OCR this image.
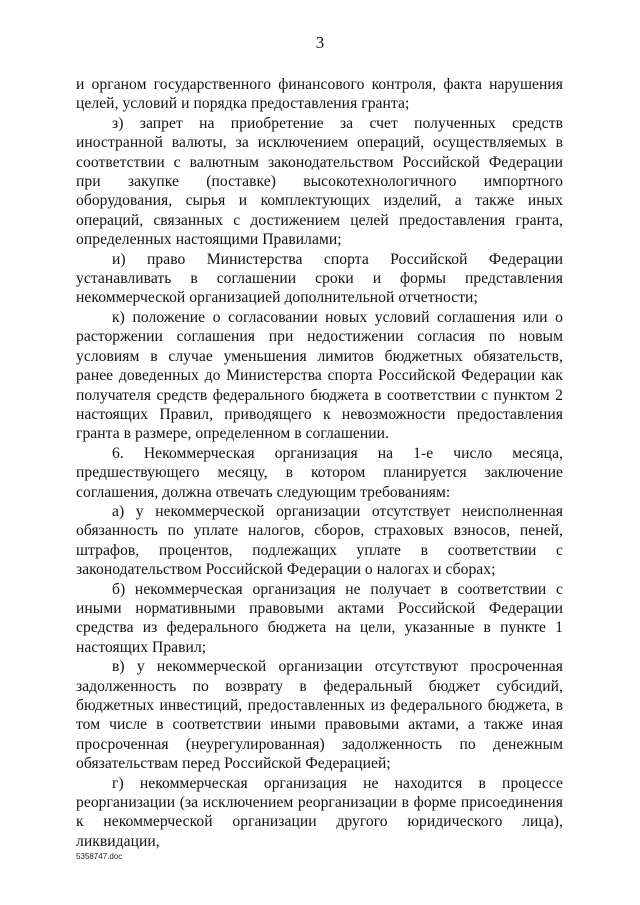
3

и органом государственного финансового контроля, факта нарушения целей, условий и порядка предоставления гранта;

з) запрет на приобретение за счет полученных средств иностранной валюты, за исключением операций, осуществляемых в соответствии с валютным законодательством Российской Федерации при закупке (поставке) высокотехнологичного импортного оборудования, сырья и комплектующих изделий, а также иных операций, связанных с достижением целей предоставления гранта, определенных настоящими Правилами;

и) право Министерства спорта Российской Федерации устанавливать в соглашении сроки и формы представления некоммерческой организацией дополнительной отчетности;

к) положение о согласовании новых условий соглашения или о расторжении соглашения при недостижении согласия по новым условиям в случае уменьшения лимитов бюджетных обязательств, ранее доведенных до Министерства спорта Российской Федерации как получателя средств федерального бюджета в соответствии с пунктом 2 настоящих Правил, приводящего к невозможности предоставления гранта в размере, определенном в соглашении.

6. Некоммерческая организация на 1-е число месяца, предшествующего месяцу, в котором планируется заключение соглашения, должна отвечать следующим требованиям:

а) у некоммерческой организации отсутствует неисполненная обязанность по уплате налогов, сборов, страховых взносов, пеней, штрафов, процентов, подлежащих уплате в соответствии с законодательством Российской Федерации о налогах и сборах;

б) некоммерческая организация не получает в соответствии с иными нормативными правовыми актами Российской Федерации средства из федерального бюджета на цели, указанные в пункте 1 настоящих Правил;

в) у некоммерческой организации отсутствуют просроченная задолженность по возврату в федеральный бюджет субсидий, бюджетных инвестиций, предоставленных из федерального бюджета, в том числе в соответствии иными правовыми актами, а также иная просроченная (неурегулированная) задолженность по денежным обязательствам перед Российской Федерацией;

г) некоммерческая организация не находится в процессе реорганизации (за исключением реорганизации в форме присоединения к некоммерческой организации другого юридического лица), ликвидации,

5358747.doc
